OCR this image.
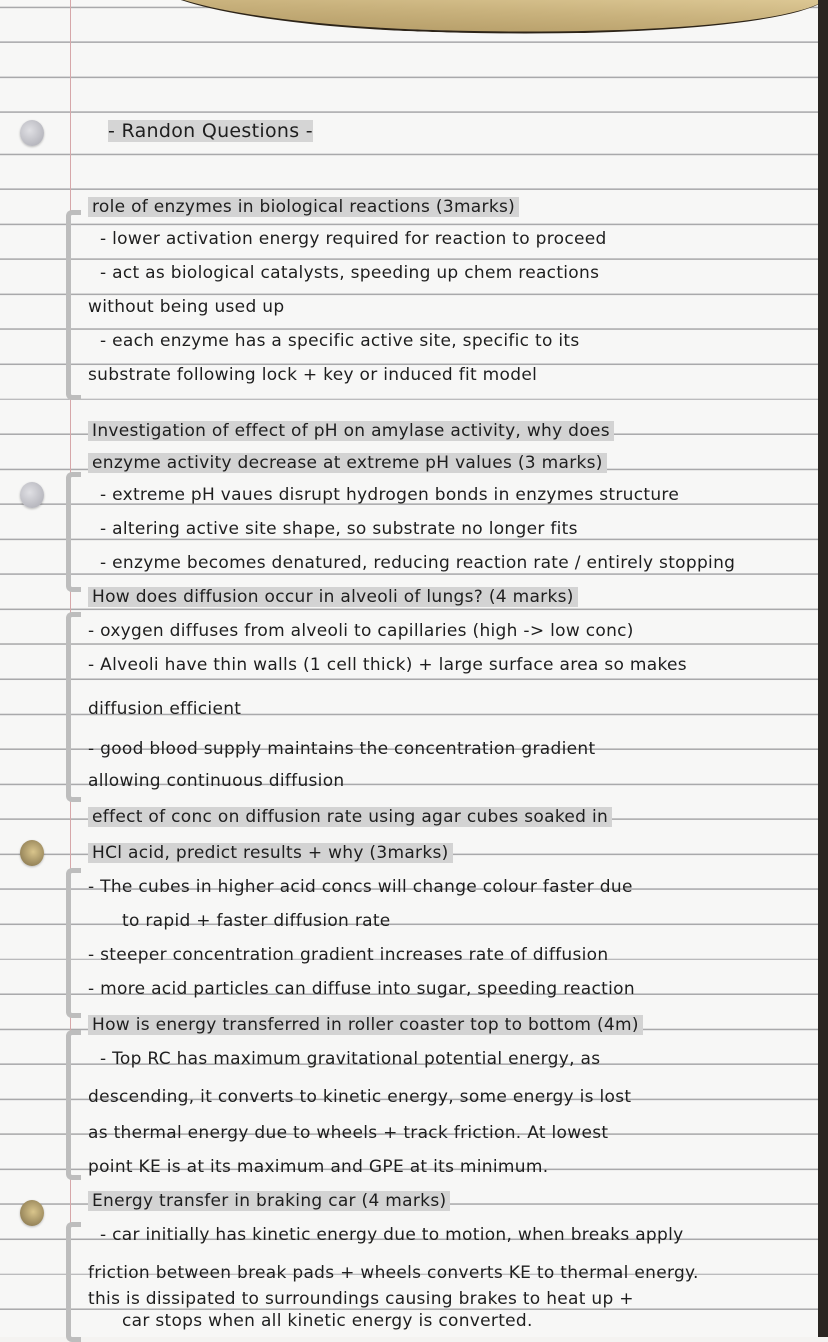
- Randon Questions -
role of enzymes in biological reactions (3marks)
- lower activation energy required for reaction to proceed
- act as biological catalysts, speeding up chem reactions
without being used up
- each enzyme has a specific active site, specific to its
substrate following lock + key or induced fit model
Investigation of effect of pH on amylase activity, why does
enzyme activity decrease at extreme pH values (3 marks)
- extreme pH vaues disrupt hydrogen bonds in enzymes structure
- altering active site shape, so substrate no longer fits
- enzyme becomes denatured, reducing reaction rate / entirely stopping
How does diffusion occur in alveoli of lungs? (4 marks)
- oxygen diffuses from alveoli to capillaries (high -> low conc)
- Alveoli have thin walls (1 cell thick) + large surface area so makes
diffusion efficient
- good blood supply maintains the concentration gradient
allowing continuous diffusion
effect of conc on diffusion rate using agar cubes soaked in
HCl acid, predict results + why (3marks)
- The cubes in higher acid concs will change colour faster due
to rapid + faster diffusion rate
- steeper concentration gradient increases rate of diffusion
- more acid particles can diffuse into sugar, speeding reaction
How is energy transferred in roller coaster top to bottom (4m)
- Top RC has maximum gravitational potential energy, as
descending, it converts to kinetic energy, some energy is lost
as thermal energy due to wheels + track friction. At lowest
point KE is at its maximum and GPE at its minimum.
Energy transfer in braking car (4 marks)
- car initially has kinetic energy due to motion, when breaks apply
friction between break pads + wheels converts KE to thermal energy.
this is dissipated to surroundings causing brakes to heat up +
car stops when all kinetic energy is converted.
